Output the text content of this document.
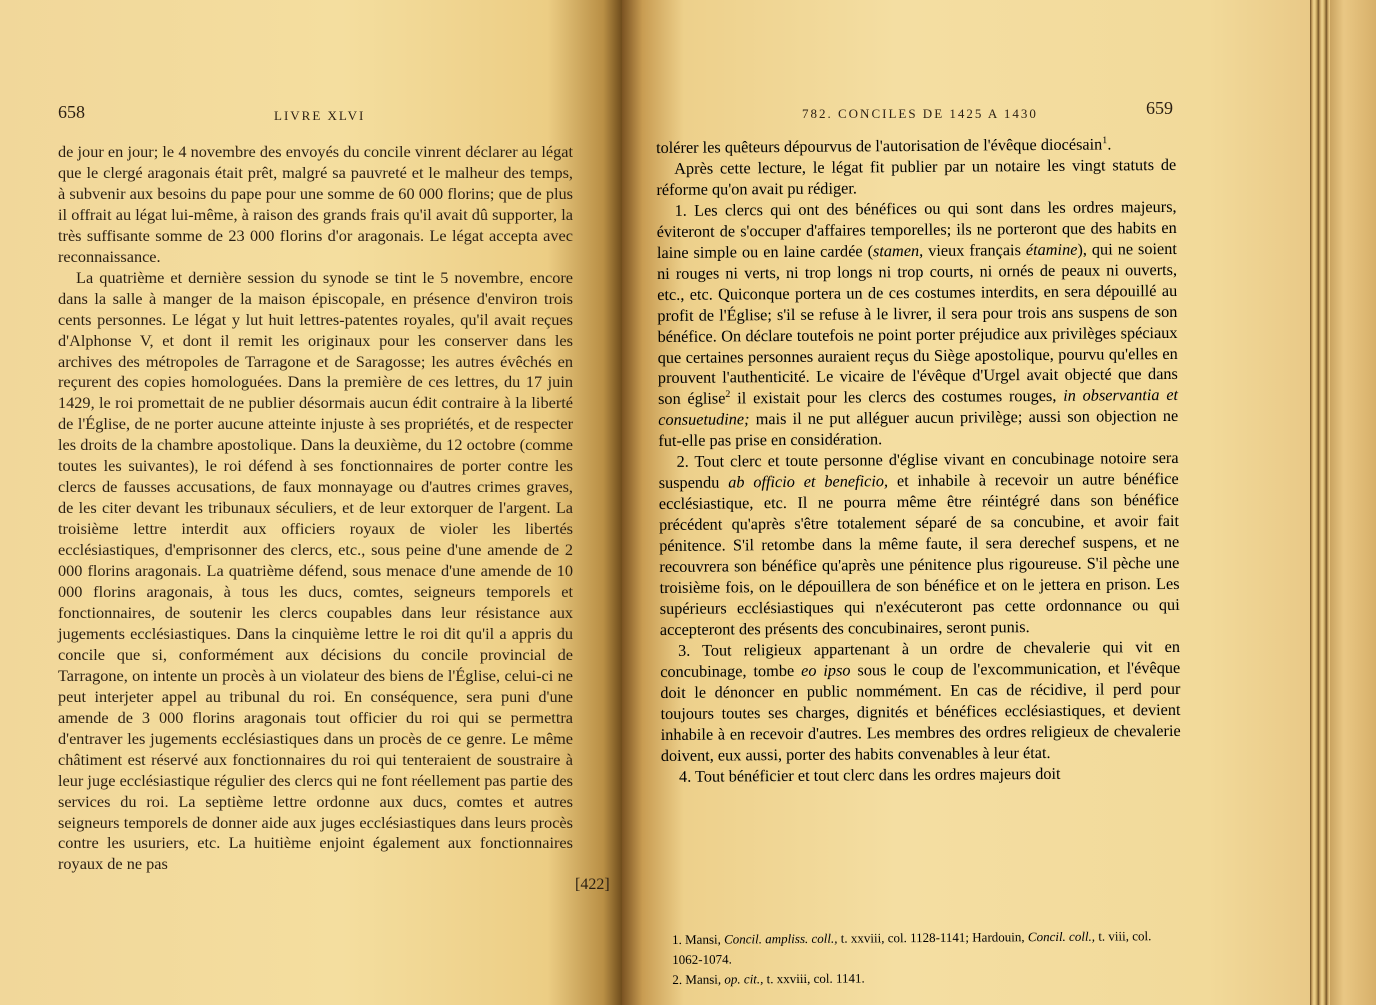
658	LIVRE XLVI

de jour en jour; le 4 novembre des envoyés du concile vinrent déclarer au légat que le clergé aragonais était prêt, malgré sa pauvreté et le malheur des temps, à subvenir aux besoins du pape pour une somme de 60 000 florins; que de plus il offrait au légat lui-même, à raison des grands frais qu'il avait dû supporter, la très suffisante somme de 23 000 florins d'or aragonais. Le légat accepta avec reconnaissance.

La quatrième et dernière session du synode se tint le 5 novembre, encore dans la salle à manger de la maison épiscopale, en présence d'environ trois cents personnes. Le légat y lut huit lettres-patentes royales, qu'il avait reçues d'Alphonse V, et dont il remit les originaux pour les conserver dans les archives des métropoles de Tarragone et de Saragosse; les autres évêchés en reçurent des copies homologuées. Dans la première de ces lettres, du 17 juin 1429, le roi promettait de ne publier désormais aucun édit contraire à la liberté de l'Église, de ne porter aucune atteinte injuste à ses propriétés, et de respecter les droits de la chambre apostolique. Dans la deuxième, du 12 octobre (comme toutes les suivantes), le roi défend à ses fonctionnaires de porter contre les clercs de fausses accusations, de faux monnayage ou d'autres crimes graves, de les citer devant les tribunaux séculiers, et de leur extorquer de l'argent. La troisième lettre interdit aux officiers royaux de violer les libertés ecclésiastiques, d'emprisonner des clercs, etc., sous peine d'une amende de 2 000 florins aragonais. La quatrième défend, sous menace d'une amende de 10 000 florins aragonais, à tous les ducs, comtes, seigneurs temporels et fonctionnaires, de soutenir les clercs coupables dans leur résistance aux jugements ecclésiastiques. Dans la cinquième lettre le roi dit qu'il a appris du concile que si, conformément aux décisions du concile provincial de Tarragone, on intente un procès à un violateur des biens de l'Église, celui-ci ne peut interjeter appel au tribunal du roi. En conséquence, sera puni d'une amende de 3 000 florins aragonais tout officier du roi qui se permettra d'entraver les jugements ecclésiastiques dans un procès de ce genre. Le même châtiment est réservé aux fonctionnaires du roi qui tenteraient de soustraire à leur juge ecclésiastique régulier des clercs qui ne font réellement pas partie des services du roi. La septième lettre ordonne aux ducs, comtes et autres seigneurs temporels de donner aide aux juges ecclésiastiques dans leurs procès contre les usuriers, etc. La huitième enjoint également aux fonctionnaires royaux de ne pas

[422]
782. CONCILES DE 1425 A 1430	659

tolérer les quêteurs dépourvus de l'autorisation de l'évêque diocésain$^1$.

Après cette lecture, le légat fit publier par un notaire les vingt statuts de réforme qu'on avait pu rédiger.

1. Les clercs qui ont des bénéfices ou qui sont dans les ordres majeurs, éviteront de s'occuper d'affaires temporelles; ils ne porteront que des habits en laine simple ou en laine cardée (stamen, vieux français étamine), qui ne soient ni rouges ni verts, ni trop longs ni trop courts, ni ornés de peaux ni ouverts, etc., etc. Quiconque portera un de ces costumes interdits, en sera dépouillé au profit de l'Église; s'il se refuse à le livrer, il sera pour trois ans suspens de son bénéfice. On déclare toutefois ne point porter préjudice aux privilèges spéciaux que certaines personnes auraient reçus du Siège apostolique, pourvu qu'elles en prouvent l'authenticité. Le vicaire de l'évêque d'Urgel avait objecté que dans son église$^2$ il existait pour les clercs des costumes rouges, in observantia et consuetudine; mais il ne put alléguer aucun privilège; aussi son objection ne fut-elle pas prise en considération.

2. Tout clerc et toute personne d'église vivant en concubinage notoire sera suspendu ab officio et beneficio, et inhabile à recevoir un autre bénéfice ecclésiastique, etc. Il ne pourra même être réintégré dans son bénéfice précédent qu'après s'être totalement séparé de sa concubine, et avoir fait pénitence. S'il retombe dans la même faute, il sera derechef suspens, et ne recouvrera son bénéfice qu'après une pénitence plus rigoureuse. S'il pèche une troisième fois, on le dépouillera de son bénéfice et on le jettera en prison. Les supérieurs ecclésiastiques qui n'exécuteront pas cette ordonnance ou qui accepteront des présents des concubinaires, seront punis.

3. Tout religieux appartenant à un ordre de chevalerie qui vit en concubinage, tombe eo ipso sous le coup de l'excommunication, et l'évêque doit le dénoncer en public nommément. En cas de récidive, il perd pour toujours toutes ses charges, dignités et bénéfices ecclésiastiques, et devient inhabile à en recevoir d'autres. Les membres des ordres religieux de chevalerie doivent, eux aussi, porter des habits convenables à leur état.

4. Tout bénéficier et tout clerc dans les ordres majeurs doit

1. Mansi, Concil. ampliss. coll., t. xxviii, col. 1128-1141; Hardouin, Concil. coll., t. viii, col. 1062-1074.

2. Mansi, op. cit., t. xxviii, col. 1141.
